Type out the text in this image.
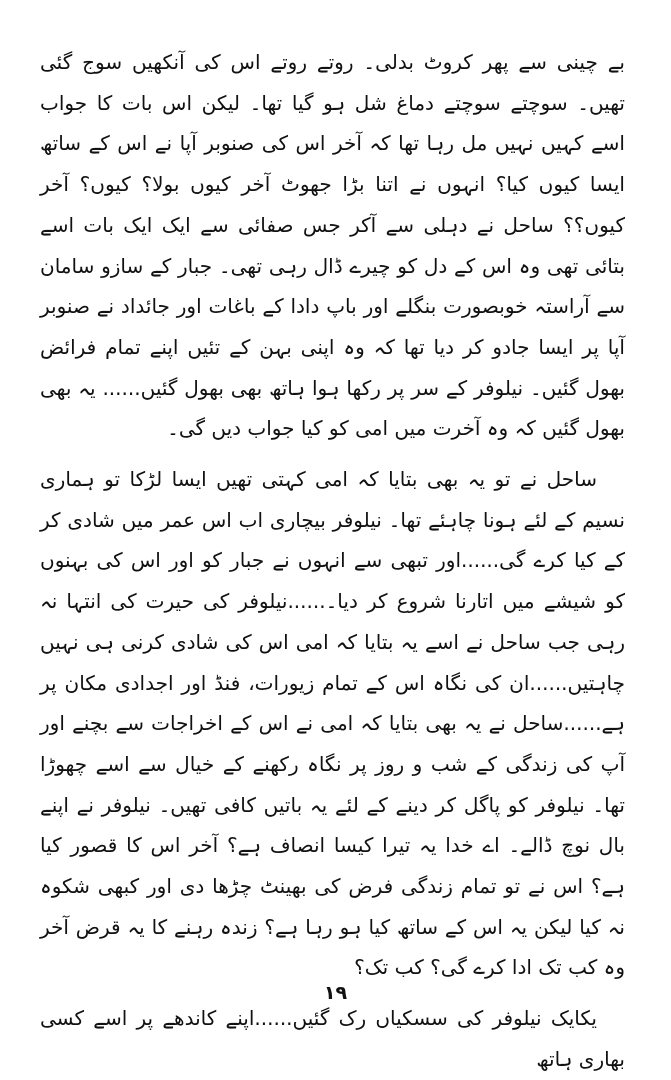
بے چینی سے پھر کروٹ بدلی۔ روتے روتے اس کی آنکھیں سوج گئی تھیں۔ سوچتے سوچتے دماغ شل ہو گیا تھا۔ لیکن اس بات کا جواب اسے کہیں نہیں مل رہا تھا کہ آخر اس کی صنوبر آپا نے اس کے ساتھ ایسا کیوں کیا؟ انہوں نے اتنا بڑا جھوٹ آخر کیوں بولا؟ کیوں؟ آخر کیوں؟؟ ساحل نے دہلی سے آکر جس صفائی سے ایک ایک بات اسے بتائی تھی وہ اس کے دل کو چیرے ڈال رہی تھی۔ جبار کے سازو سامان سے آراستہ خوبصورت بنگلے اور باپ دادا کے باغات اور جائداد نے صنوبر آپا پر ایسا جادو کر دیا تھا کہ وہ اپنی بہن کے تئیں اپنے تمام فرائض بھول گئیں۔ نیلوفر کے سر پر رکھا ہوا ہاتھ بھی بھول گئیں...... یہ بھی بھول گئیں کہ وہ آخرت میں امی کو کیا جواب دیں گی۔

ساحل نے تو یہ بھی بتایا کہ امی کہتی تھیں ایسا لڑکا تو ہماری نسیم کے لئے ہونا چاہئے تھا۔ نیلوفر بیچاری اب اس عمر میں شادی کر کے کیا کرے گی......اور تبھی سے انہوں نے جبار کو اور اس کی بہنوں کو شیشے میں اتارنا شروع کر دیا۔......نیلوفر کی حیرت کی انتہا نہ رہی جب ساحل نے اسے یہ بتایا کہ امی اس کی شادی کرنی ہی نہیں چاہتیں......ان کی نگاہ اس کے تمام زیورات، فنڈ اور اجدادی مکان پر ہے......ساحل نے یہ بھی بتایا کہ امی نے اس کے اخراجات سے بچنے اور آپ کی زندگی کے شب و روز پر نگاہ رکھنے کے خیال سے اسے چھوڑا تھا۔ نیلوفر کو پاگل کر دینے کے لئے یہ باتیں کافی تھیں۔ نیلوفر نے اپنے بال نوچ ڈالے۔ اے خدا یہ تیرا کیسا انصاف ہے؟ آخر اس کا قصور کیا ہے؟ اس نے تو تمام زندگی فرض کی بھینٹ چڑھا دی اور کبھی شکوہ نہ کیا لیکن یہ اس کے ساتھ کیا ہو رہا ہے؟ زندہ رہنے کا یہ قرض آخر وہ کب تک ادا کرے گی؟ کب تک؟

یکایک نیلوفر کی سسکیاں رک گئیں......اپنے کاندھے پر اسے کسی بھاری ہاتھ

۱۹
